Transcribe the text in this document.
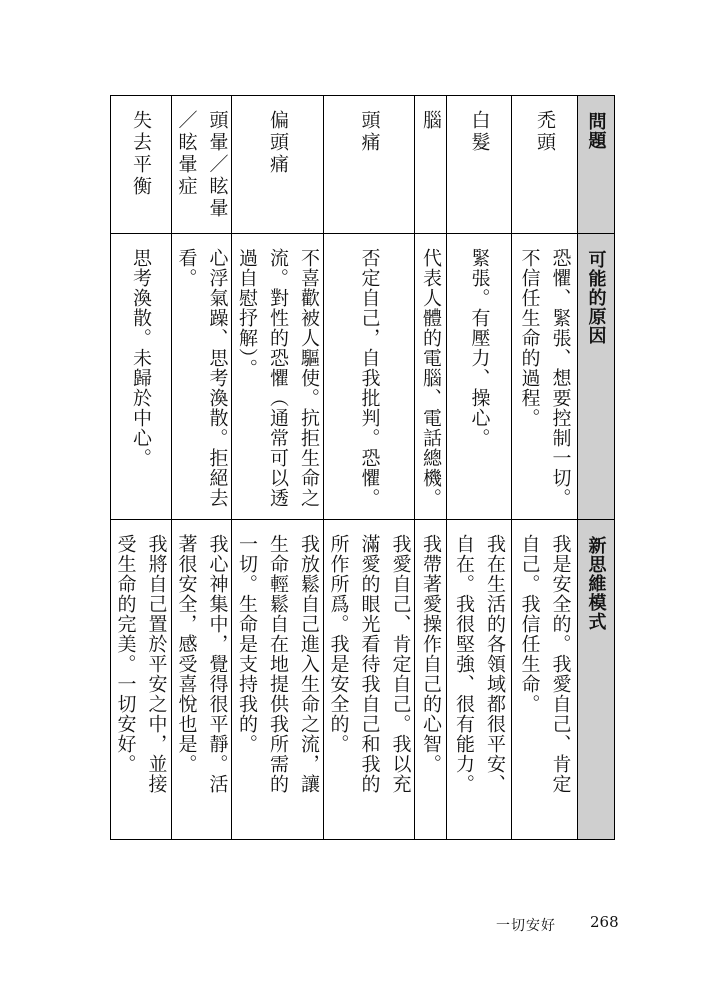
問題
可能的原因
新思維模式
禿頭
恐懼、緊張、想要控制一切。
不信任生命的過程。
我是安全的。我愛自己、肯定
自己。我信任生命。
白髮
緊張。有壓力、操心。
我在生活的各領域都很平安、
自在。我很堅強、很有能力。
腦
代表人體的電腦、電話總機。
我帶著愛操作自己的心智。
頭痛
否定自己，自我批判。恐懼。
我愛自己、肯定自己。我以充
滿愛的眼光看待我自己和我的
所作所爲。我是安全的。
偏頭痛
不喜歡被人驅使。抗拒生命之
流。對性的恐懼（通常可以透
過自慰抒解）。
我放鬆自己進入生命之流，讓
生命輕鬆自在地提供我所需的
一切。生命是支持我的。
頭暈／眩暈
／眩暈症
心浮氣躁、思考渙散。拒絕去
看。
我心神集中，覺得很平靜。活
著很安全，感受喜悅也是。
失去平衡
思考渙散。未歸於中心。
我將自己置於平安之中，並接
受生命的完美。一切安好。
一切安好 268
